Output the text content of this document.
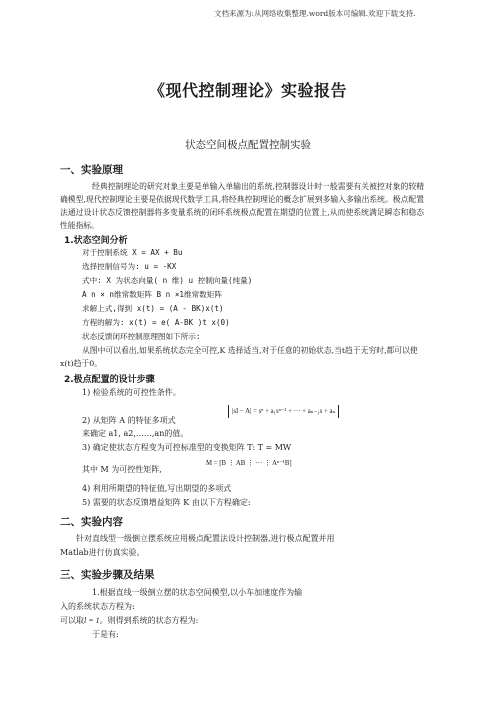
文档来源为:从网络收集整理.word版本可编辑.欢迎下载支持.
《现代控制理论》实验报告
状态空间极点配置控制实验
一、实验原理
经典控制理论的研究对象主要是单输入单输出的系统,控制器设计时一般需要有关被控对象的较精确模型,现代控制理论主要是依据现代数学工具,将经典控制理论的概念扩展到多输入多输出系统。极点配置法通过设计状态反馈控制器将多变量系统的闭环系统极点配置在期望的位置上,从而使系统满足瞬态和稳态性能指标。
1.状态空间分析
对于控制系统 X = AX + Bu
选择控制信号为: u = -KX
式中: X 为状态向量( n 维) u 控制向量(纯量)
A n × n维常数矩阵 B n ×1维常数矩阵
求解上式,得到 x(t) = (A - BK)x(t)
方程的解为: x(t) = e( A-BK )t x(0)
状态反馈闭环控制原理图如下所示:
从图中可以看出,如果系统状态完全可控,K 选择适当,对于任意的初始状态,当t趋于无穷时,都可以使x(t)趋于0。
2.极点配置的设计步骤
1) 检验系统的可控性条件。
2) 从矩阵 A 的特征多项式
|sI − A| = sⁿ + a₁sⁿ⁻¹ + ··· + aₙ₋₁s + aₙ
来确定 a1, a2,……,an的值。
3) 确定使状态方程变为可控标准型的变换矩阵 T: T = MW
其中 M 为可控性矩阵,
M = [B ⋮ AB ⋮ ··· ⋮ Aⁿ⁻¹B]
4) 利用所期望的特征值,写出期望的多项式
5) 需要的状态反馈增益矩阵 K 由以下方程确定:
二、实验内容
针对直线型一级倒立摆系统应用极点配置法设计控制器,进行极点配置并用
Matlab进行仿真实验。
三、实验步骤及结果
1.根据直线一级倒立摆的状态空间模型,以小车加速度作为输
入的系统状态方程为:
可以取l = 1。则得到系统的状态方程为:
于是有:
